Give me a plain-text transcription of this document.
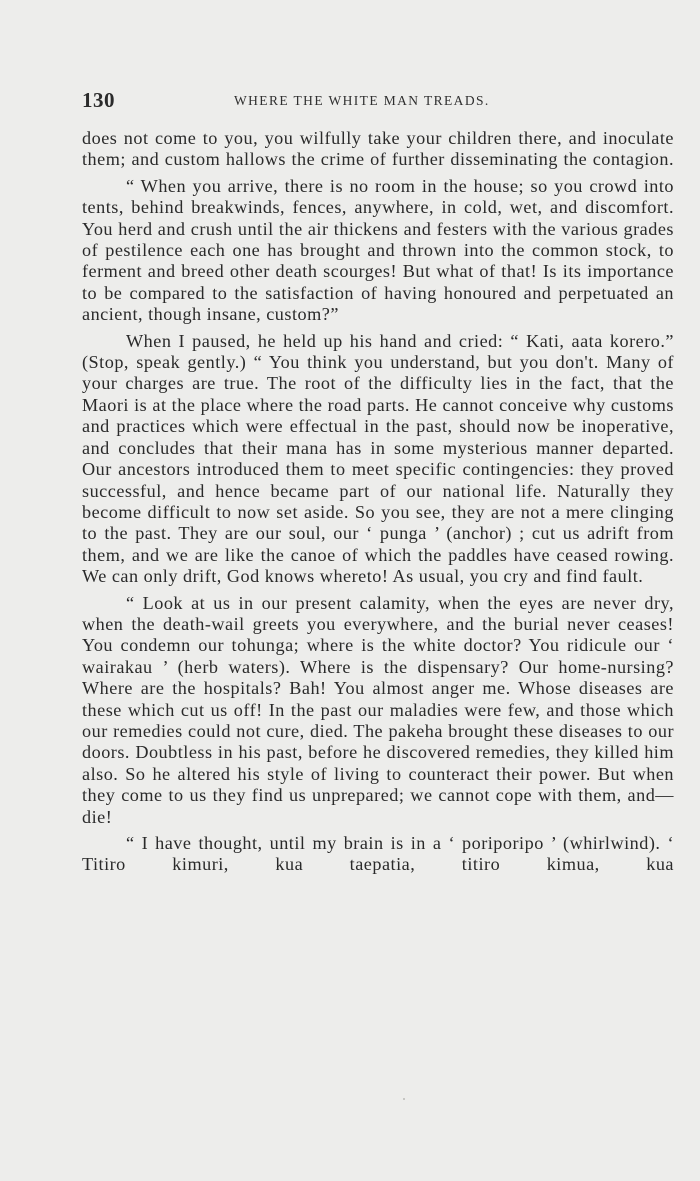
130	WHERE THE WHITE MAN TREADS.

does not come to you, you wilfully take your children there, and inoculate them; and custom hallows the crime of further disseminating the contagion.

“ When you arrive, there is no room in the house; so you crowd into tents, behind breakwinds, fences, anywhere, in cold, wet, and discomfort. You herd and crush until the air thickens and festers with the various grades of pestilence each one has brought and thrown into the common stock, to ferment and breed other death scourges! But what of that! Is its importance to be compared to the satisfaction of having honoured and perpetuated an ancient, though insane, custom?”

When I paused, he held up his hand and cried: “ Kati, aata korero.” (Stop, speak gently.) “ You think you understand, but you don't. Many of your charges are true. The root of the difficulty lies in the fact, that the Maori is at the place where the road parts. He cannot conceive why customs and practices which were effectual in the past, should now be inoperative, and concludes that their mana has in some mysterious manner departed. Our ancestors introduced them to meet specific contingencies: they proved successful, and hence became part of our national life. Naturally they become difficult to now set aside. So you see, they are not a mere clinging to the past. They are our soul, our ‘ punga ’ (anchor) ; cut us adrift from them, and we are like the canoe of which the paddles have ceased rowing. We can only drift, God knows whereto! As usual, you cry and find fault.

“ Look at us in our present calamity, when the eyes are never dry, when the death-wail greets you everywhere, and the burial never ceases! You condemn our tohunga; where is the white doctor? You ridicule our ‘ wairakau ’ (herb waters). Where is the dispensary? Our home-nursing? Where are the hospitals? Bah! You almost anger me. Whose diseases are these which cut us off! In the past our maladies were few, and those which our remedies could not cure, died. The pakeha brought these diseases to our doors. Doubtless in his past, before he discovered remedies, they killed him also. So he altered his style of living to counteract their power. But when they come to us they find us unprepared; we cannot cope with them, and—die!

“ I have thought, until my brain is in a ‘ poriporipo ’ (whirlwind). ‘ Titiro kimuri, kua taepatia, titiro kimua, kua
